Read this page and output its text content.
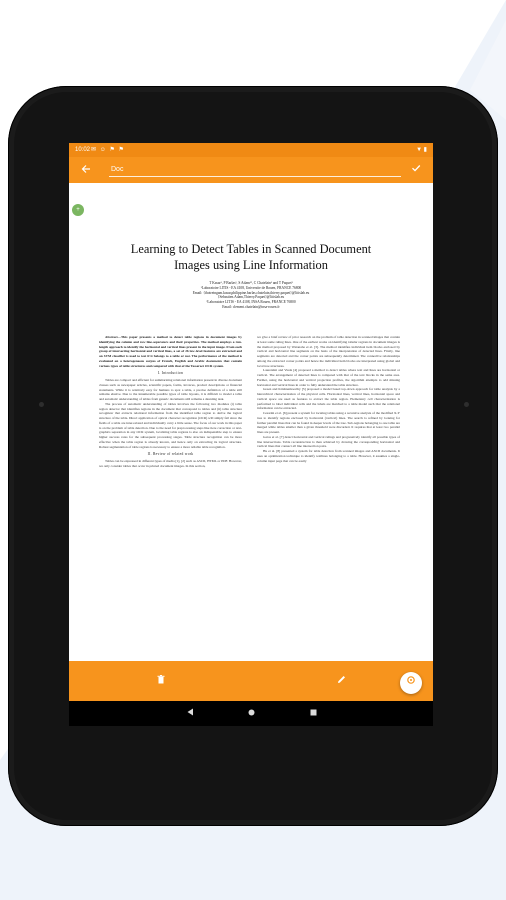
10:02 ✉ ☺ ⚑ ⚑	▼ ▮
Doc
+
Learning to Detect Tables in Scanned Document
Images using Line Information
T Kasar¹, P Barlas¹, S Adam¹², C Chatelain¹ and T Paquet¹
¹Laboratoire LITIS - EA 4108, Universite de Rouen, FRANCE 76800
Email: {thotreingam.kasar,philippine.barlas,chatelain,thierry.paquet}@litislab.eu
{Sebastien.Adam,Thierry.Paquet}@litislab.eu
²Laboratoire LITIS - EA 4108, INSA Rouen, FRANCE 76800
Email: clement.chatelain@insa-rouen.fr
Abstract—This paper presents a method to detect table regions in document images by identifying the column and row line-separators and their properties. The method employs a run-length approach to identify the horizontal and vertical lines present in the input image. From each group of intersecting horizontal and vertical lines, a set of 26 low-level features are extracted and an SVM classifier is used to test if it belongs to a table or not. The performance of the method is evaluated on a heterogeneous corpus of French, English and Arabic documents that contain various types of table structures and compared with that of the Tesseract OCR system.
I. Introduction
Tables are compact and efficient for summarizing relational information present in diverse document classes such as newspaper articles, scientific papers, forms, invoices, product descriptions or financial statements. While it is relatively easy for humans to spot a table, a precise definition of a table still remains elusive. Due to the innumerable possible types of table layouts, it is difficult to model a table and automatic understanding of tables from generic documents still remains a daunting task.
The process of automatic understanding of tables involves the following two modules (i) table region detector that identifies regions in the document that correspond to tables and (ii) table structure recognizer that extracts relational information from the identified table region to derive the logical structure of the table. Direct application of optical character recognition (OCR) will simply fail since the fields of a table are inter-related and individually carry a little sense. The focus of our work in this paper is on the problem of table detection. Due to the need for preprocessing steps like tiere correction or text-graphics separation in any OCR system, localizing table regions is also an indispensible step to ensure higher success rates for the subsequent processing stages. Table structure recognition can be more effective when the table region is already known, and hence only on extracting its logical structure. Robust segmentation of table regions is necessary to ensure a more reliable table recognition.
II. Review of related work
Tables can be expressed in different types of media [1], [2] such as ASCII, HTML or PDF. However, we only consider tables that occur in printed document images. In this section,
we give a brief review of prior research on the problem of table detection in scanned images that contain at least some ruling lines. One of the earliest works on identifying tabular regions in document images is the method proposed by Watanabe et al. [3]. The method identifies individual item blocks enclosed by vertical and horizontal line segments on the basis of the interpretation of detected lines. Firstly, line segments are detected and the corner points are subsequently determined. The connective relationships among the extracted corner points and hence the individual item blocks are interpreted using global and local tree structures.
Laurentini and Viada [4] proposed a method to detect tables where text and lines are horizontal or vertical. The arrangement of detected lines is compared with that of the text blocks in the same area. Further, using the horizontal and vertical projection profiles, the algorithm attempts to add missing horizontal and vertical lines in order to fully understand the table structure.
Green and Krishnamoorthy [5] proposed a model based top-down approach for table analysis by a hierarchical characterization of the physical cells. Horizontal lines, vertical lines, horizontal space and vertical space are used as features to extract the table region. Elementary cell characterization is performed to label individual cells and the labels are matched to a table model such that the relational information can be extracted.
Cesarini et al. [6] present a system for locating tables using a recursive analysis of the modified X-Y tree to identify regions enclosed by horizontal (vertical) lines. The search is refined by looking for further parallel lines that can be found in deeper levels of the tree. Sub-regions belonging to one table are merged while tables smaller than a given threshold were discarded. It requires that at least two parallel lines are present.
Gatos et al. [7] detect horizontal and vertical rulings and progressively identify all possible types of line intersections. Table reconstruction is then achieved by drawing the corresponding horizontal and vertical lines that connect all line intersection pairs.
Hu et al. [8] presented a system for table detection from scanned images and ASCII documents. It uses an optimization technique to identify textlines belonging to a table. However, it assumes a single-column input page that can be easily
